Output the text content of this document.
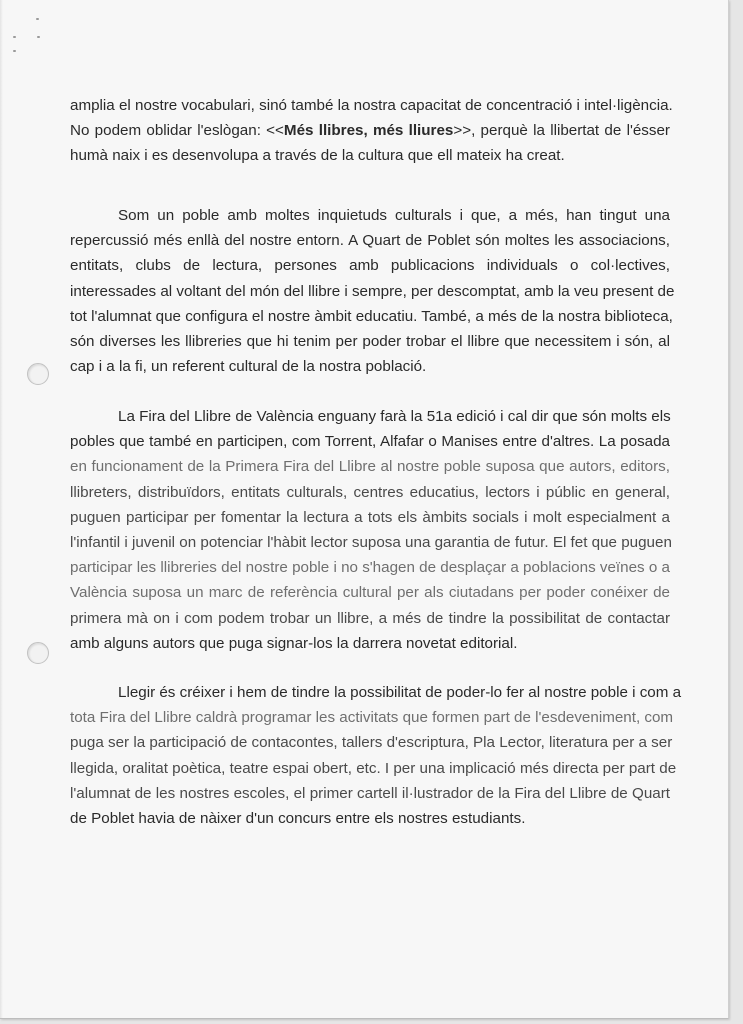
amplia el nostre vocabulari, sinó també la nostra capacitat de concentració i intel·ligència.
No podem oblidar l'eslògan: <<Més llibres, més lliures>>, perquè la llibertat de l'ésser
humà naix i es desenvolupa a través de la cultura que ell mateix ha creat.
Som un poble amb moltes inquietuds culturals i que, a més, han tingut una
repercussió més enllà del nostre entorn. A Quart de Poblet són moltes les associacions,
entitats, clubs de lectura, persones amb publicacions individuals o col·lectives,
interessades al voltant del món del llibre i sempre, per descomptat, amb la veu present de
tot l'alumnat que configura el nostre àmbit educatiu. També, a més de la nostra biblioteca,
són diverses les llibreries que hi tenim per poder trobar el llibre que necessitem i són, al
cap i a la fi, un referent cultural de la nostra població.
La Fira del Llibre de València enguany farà la 51a edició i cal dir que són molts els
pobles que també en participen, com Torrent, Alfafar o Manises entre d'altres. La posada
en funcionament de la Primera Fira del Llibre al nostre poble suposa que autors, editors,
llibreters, distribuïdors, entitats culturals, centres educatius, lectors i públic en general,
puguen participar per fomentar la lectura a tots els àmbits socials i molt especialment a
l'infantil i juvenil on potenciar l'hàbit lector suposa una garantia de futur. El fet que puguen
participar les llibreries del nostre poble i no s'hagen de desplaçar a poblacions veïnes o a
València suposa un marc de referència cultural per als ciutadans per poder conéixer de
primera mà on i com podem trobar un llibre, a més de tindre la possibilitat de contactar
amb alguns autors que puga signar-los la darrera novetat editorial.
Llegir és créixer i hem de tindre la possibilitat de poder-lo fer al nostre poble i com a
tota Fira del Llibre caldrà programar les activitats que formen part de l'esdeveniment, com
puga ser la participació de contacontes, tallers d'escriptura, Pla Lector, literatura per a ser
llegida, oralitat poètica, teatre espai obert, etc. I per una implicació més directa per part de
l'alumnat de les nostres escoles, el primer cartell il·lustrador de la Fira del Llibre de Quart
de Poblet havia de nàixer d'un concurs entre els nostres estudiants.
